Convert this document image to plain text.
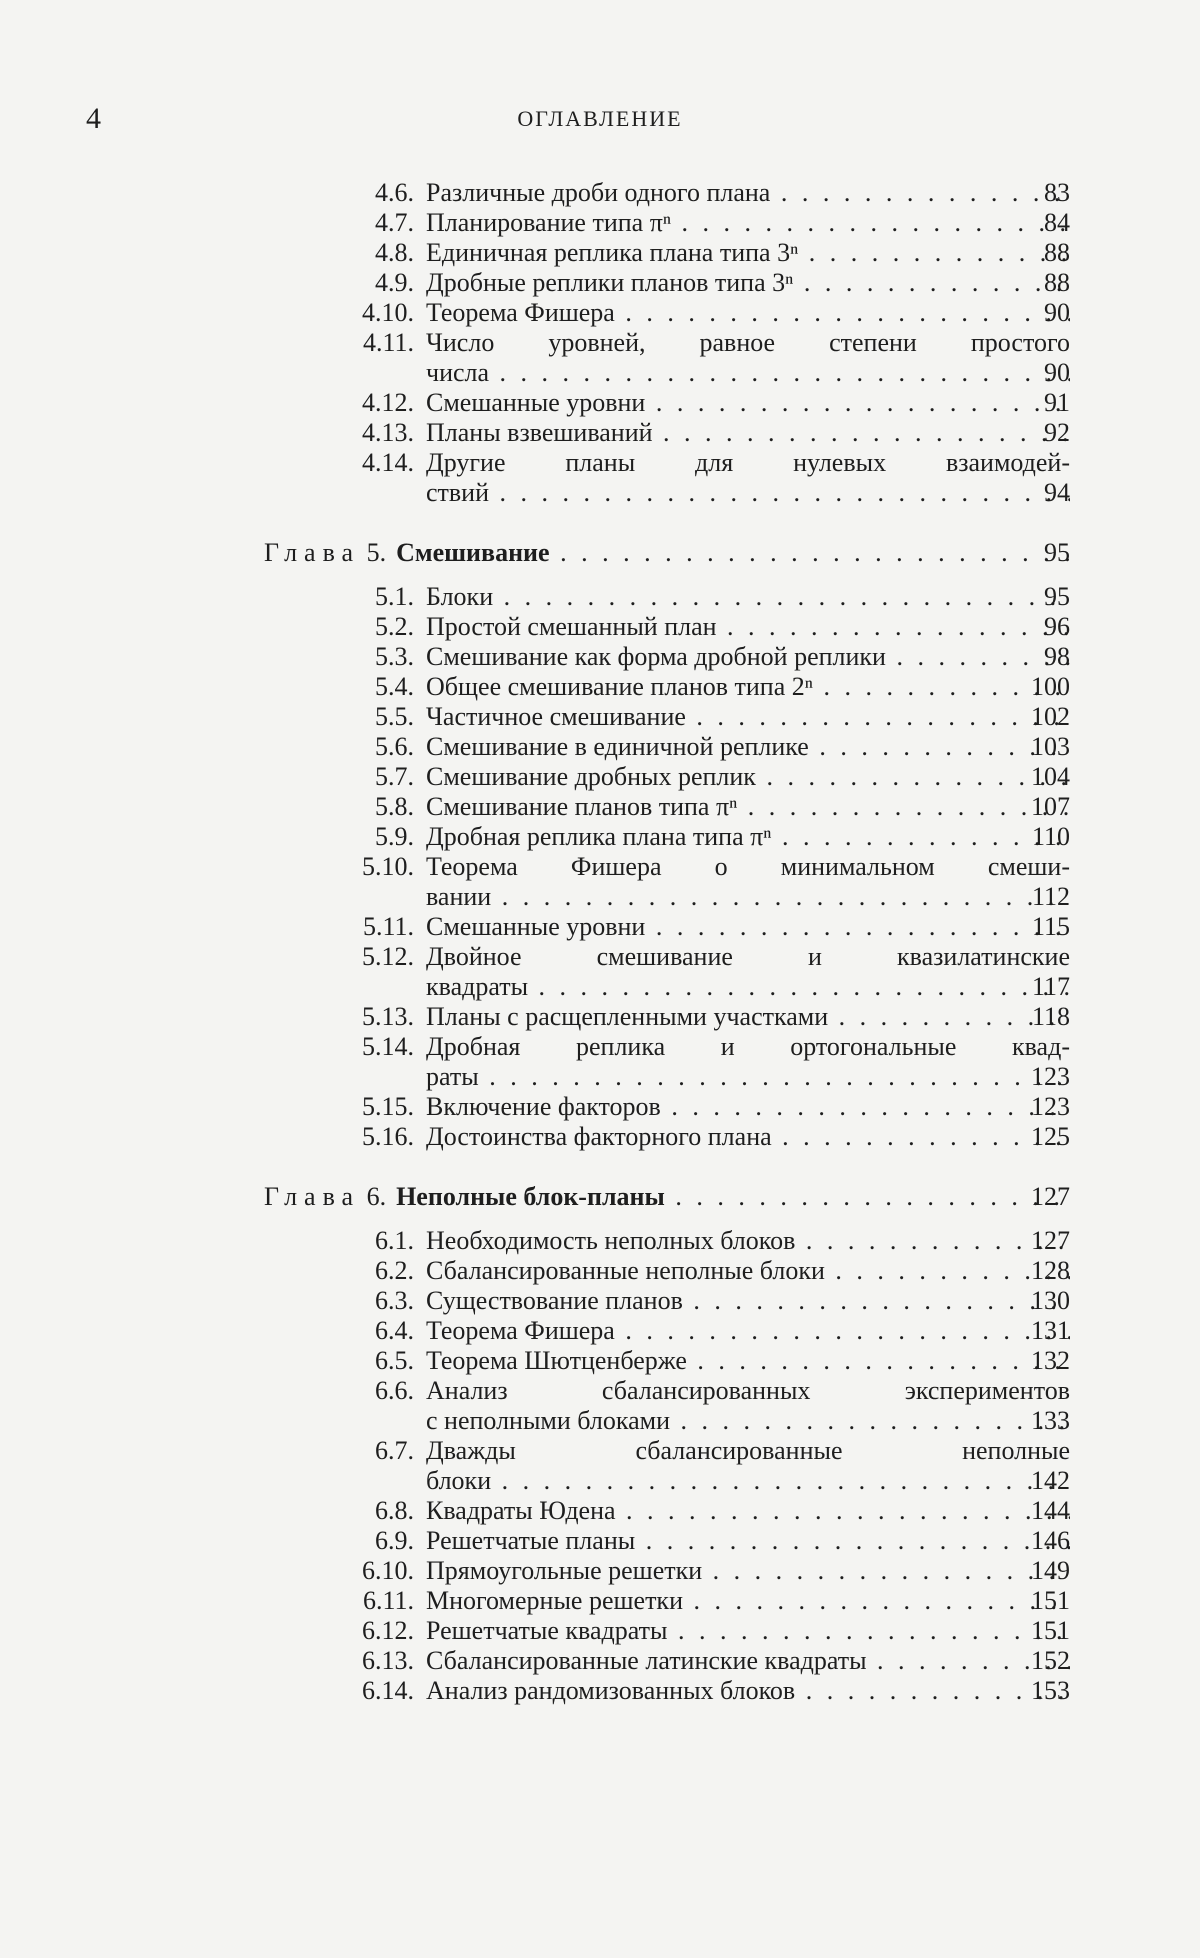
4	ОГЛАВЛЕНИЕ
4.6. Различные дроби одного плана . . .	83
4.7. Планирование типа πⁿ . . .	84
4.8. Единичная реплика плана типа 3ⁿ . . .	88
4.9. Дробные реплики планов типа 3ⁿ . . .	88
4.10. Теорема Фишера . . .	90
4.11. Число уровней, равное степени простого
числа . . .	90
4.12. Смешанные уровни . . .	91
4.13. Планы взвешиваний . . .	92
4.14. Другие планы для нулевых взаимодей-
ствий . . .	94
Глава 5. Смешивание . . .	95
5.1. Блоки . . .	95
5.2. Простой смешанный план . . .	96
5.3. Смешивание как форма дробной реплики . . .	98
5.4. Общее смешивание планов типа 2ⁿ . . .	100
5.5. Частичное смешивание . . .	102
5.6. Смешивание в единичной реплике . . .	103
5.7. Смешивание дробных реплик . . .	104
5.8. Смешивание планов типа πⁿ . . .	107
5.9. Дробная реплика плана типа πⁿ . . .	110
5.10. Теорема Фишера о минимальном смеши-
вании . . .	112
5.11. Смешанные уровни . . .	115
5.12. Двойное смешивание и квазилатинские
квадраты . . .	117
5.13. Планы с расщепленными участками . . .	118
5.14. Дробная реплика и ортогональные квад-
раты . . .	123
5.15. Включение факторов . . .	123
5.16. Достоинства факторного плана . . .	125
Глава 6. Неполные блок-планы . . .	127
6.1. Необходимость неполных блоков . . .	127
6.2. Сбалансированные неполные блоки . . .	128
6.3. Существование планов . . .	130
6.4. Теорема Фишера . . .	131
6.5. Теорема Шютценберже . . .	132
6.6. Анализ сбалансированных экспериментов
с неполными блоками . . .	133
6.7. Дважды сбалансированные неполные
блоки . . .	142
6.8. Квадраты Юдена . . .	144
6.9. Решетчатые планы . . .	146
6.10. Прямоугольные решетки . . .	149
6.11. Многомерные решетки . . .	151
6.12. Решетчатые квадраты . . .	151
6.13. Сбалансированные латинские квадраты . . .	152
6.14. Анализ рандомизованных блоков . . .	153
